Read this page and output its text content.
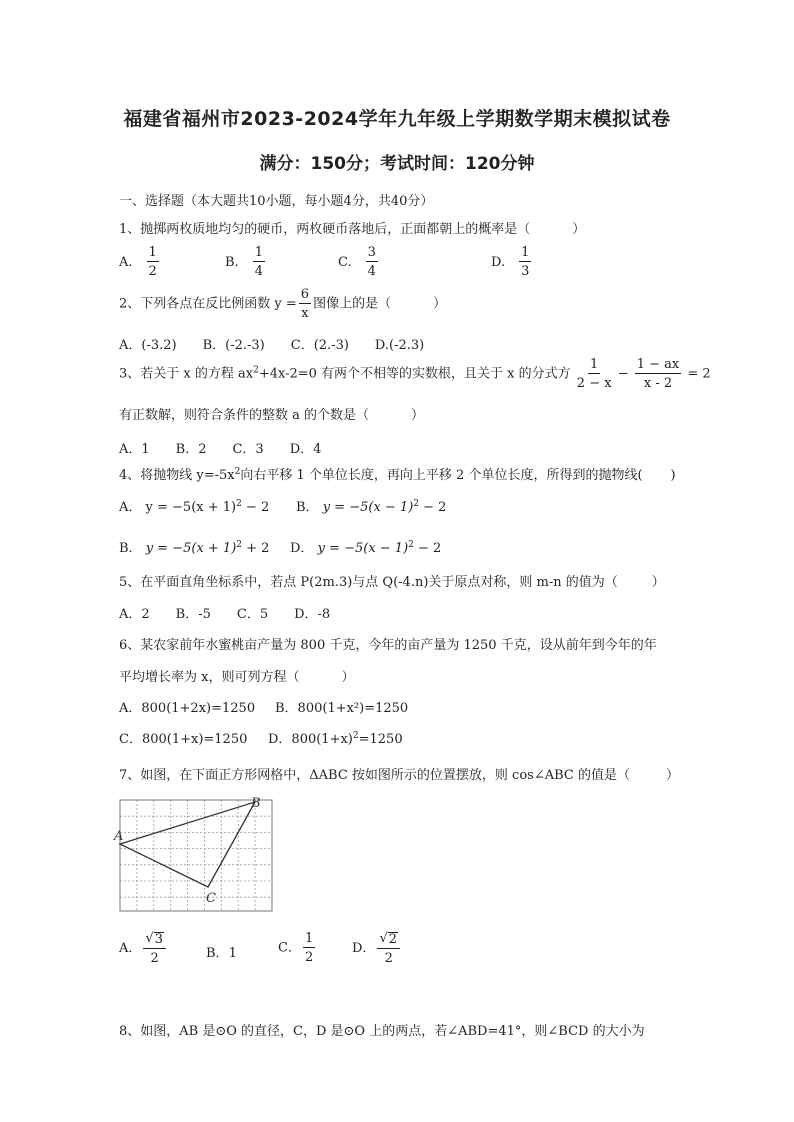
福建省福州市2023-2024学年九年级上学期数学期末模拟试卷
满分：150分；考试时间：120分钟
一、选择题（本大题共10小题，每小题4分，共40分）
1、抛掷两枚质地均匀的硬币，两枚硬币落地后，正面都朝上的概率是（	）
A. $\frac{1}{2}$	B. $\frac{1}{4}$	C. $\frac{3}{4}$	D. $\frac{1}{3}$
2、下列各点在反比例函数 $y = \frac{6}{x}$ 图像上的是（	）
A．(-3.2)　　B．(-2.-3)　　C．(2.-3)　　D.(-2.3)
3、若关于 x 的方程 $ax^2+4x-2=0$ 有两个不相等的实数根，且关于 x 的分式方 $\frac{1}{2 - x} - \frac{1 - ax}{x - 2} = 2$
有正数解，则符合条件的整数 a 的个数是（	）
A．1　　B．2　　C．3　　D．4
4、将抛物线 $y=-5x^2$向右平移 1 个单位长度，再向上平移 2 个单位长度，所得到的抛物线( )
A． $y = -5(x + 1)^2 - 2$ B． $y = -5(x - 1)^2 - 2$
B． $y = -5(x + 1)^2 + 2$ D． $y = -5(x - 1)^2 - 2$
5、在平面直角坐标系中，若点 P(2m.3)与点 Q(-4.n)关于原点对称，则 m-n 的值为（	）
A．2　　B．-5　　C．5　　D．-8
6、某农家前年水蜜桃亩产量为 800 千克，今年的亩产量为 1250 千克，设从前年到今年的年
平均增长率为 x，则可列方程（	）
A．800(1+2x)=1250 B．800(1+x²)=1250
C．800(1+x)=1250 D．$800(1+x)^2=1250$
7、如图，在下面正方形网格中，ΔABC 按如图所示的位置摆放，则 cos∠ABC 的值是（	）
A
B
C
A． $\frac{√ 3}{2}$	B．1	C． $\frac{1}{2}$	D． $\frac{√ 2}{2}$
8、如图，AB 是⊙O 的直径，C，D 是⊙O 上的两点，若∠ABD=41°，则∠BCD 的大小为
